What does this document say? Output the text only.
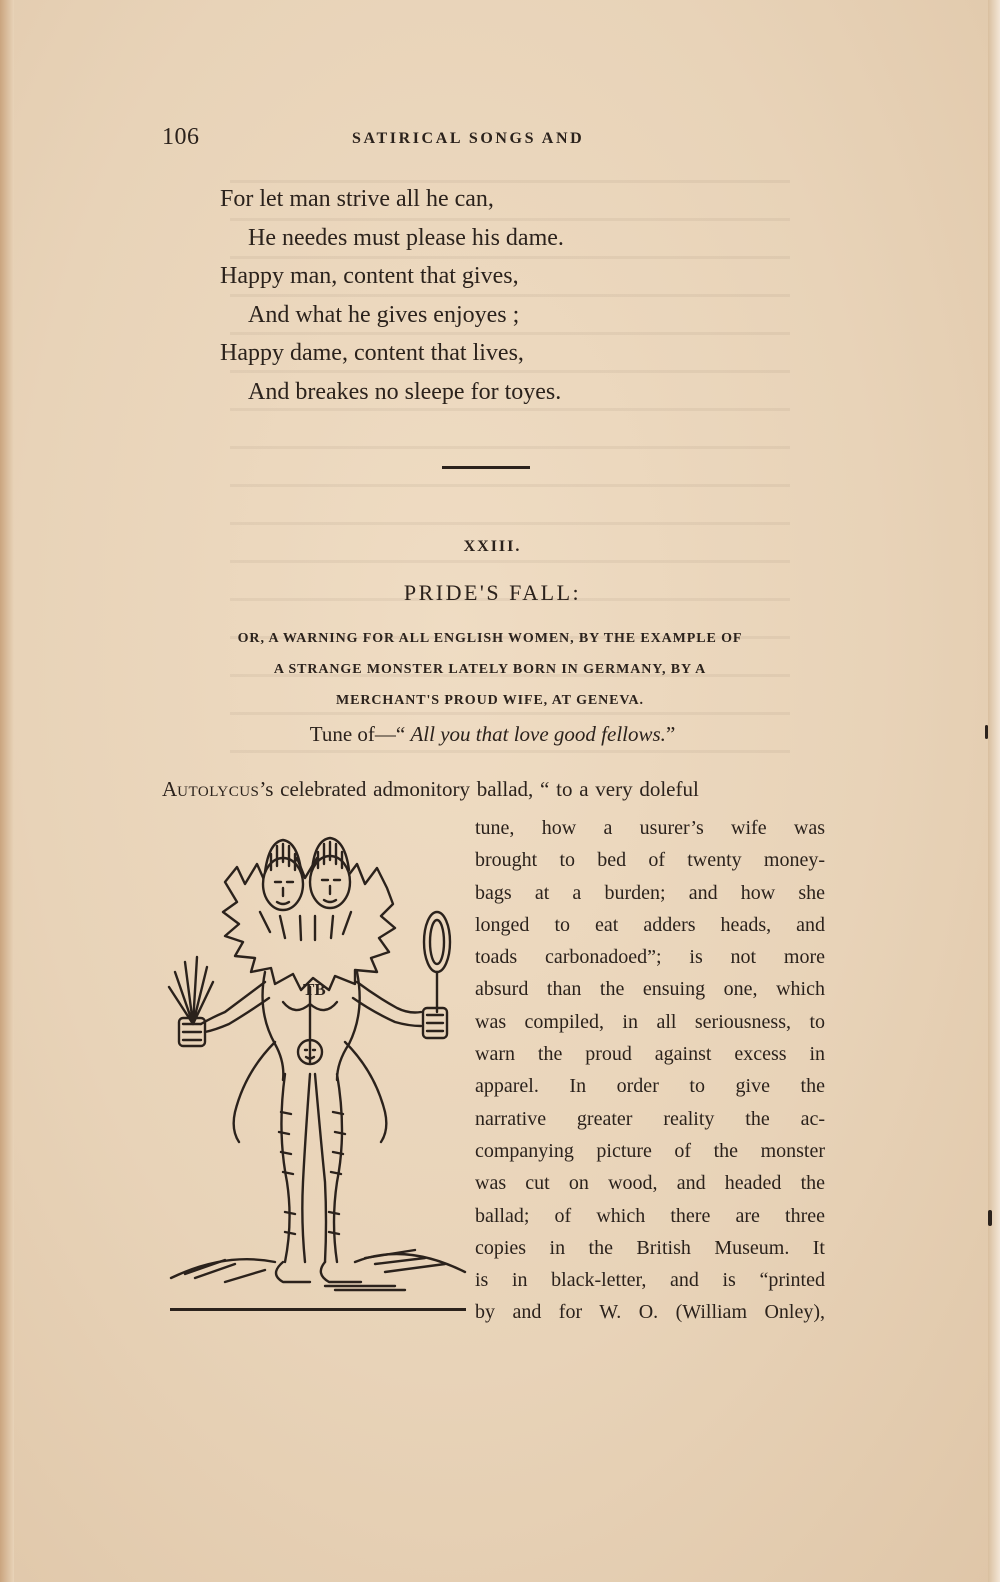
106	SATIRICAL SONGS AND
For let man strive all he can,
He needes must please his dame.
Happy man, content that gives,
And what he gives enjoyes ;
Happy dame, content that lives,
And breakes no sleepe for toyes.
XXIII.
PRIDE'S FALL:
OR, A WARNING FOR ALL ENGLISH WOMEN, BY THE EXAMPLE OF
A STRANGE MONSTER LATELY BORN IN GERMANY, BY A
MERCHANT'S PROUD WIFE, AT GENEVA.
Tune of—“ All you that love good fellows.”
AUTOLYCUS’s celebrated admonitory ballad, “ to a very doleful
TB
tune, how a usurer’s wife was
brought to bed of twenty money-
bags at a burden; and how she
longed to eat adders heads, and
toads carbonadoed”; is not more
absurd than the ensuing one, which
was compiled, in all seriousness, to
warn the proud against excess in
apparel. In order to give the
narrative greater reality the ac-
companying picture of the monster
was cut on wood, and headed the
ballad; of which there are three
copies in the British Museum. It
is in black-letter, and is “printed
by and for W. O. (William Onley),
